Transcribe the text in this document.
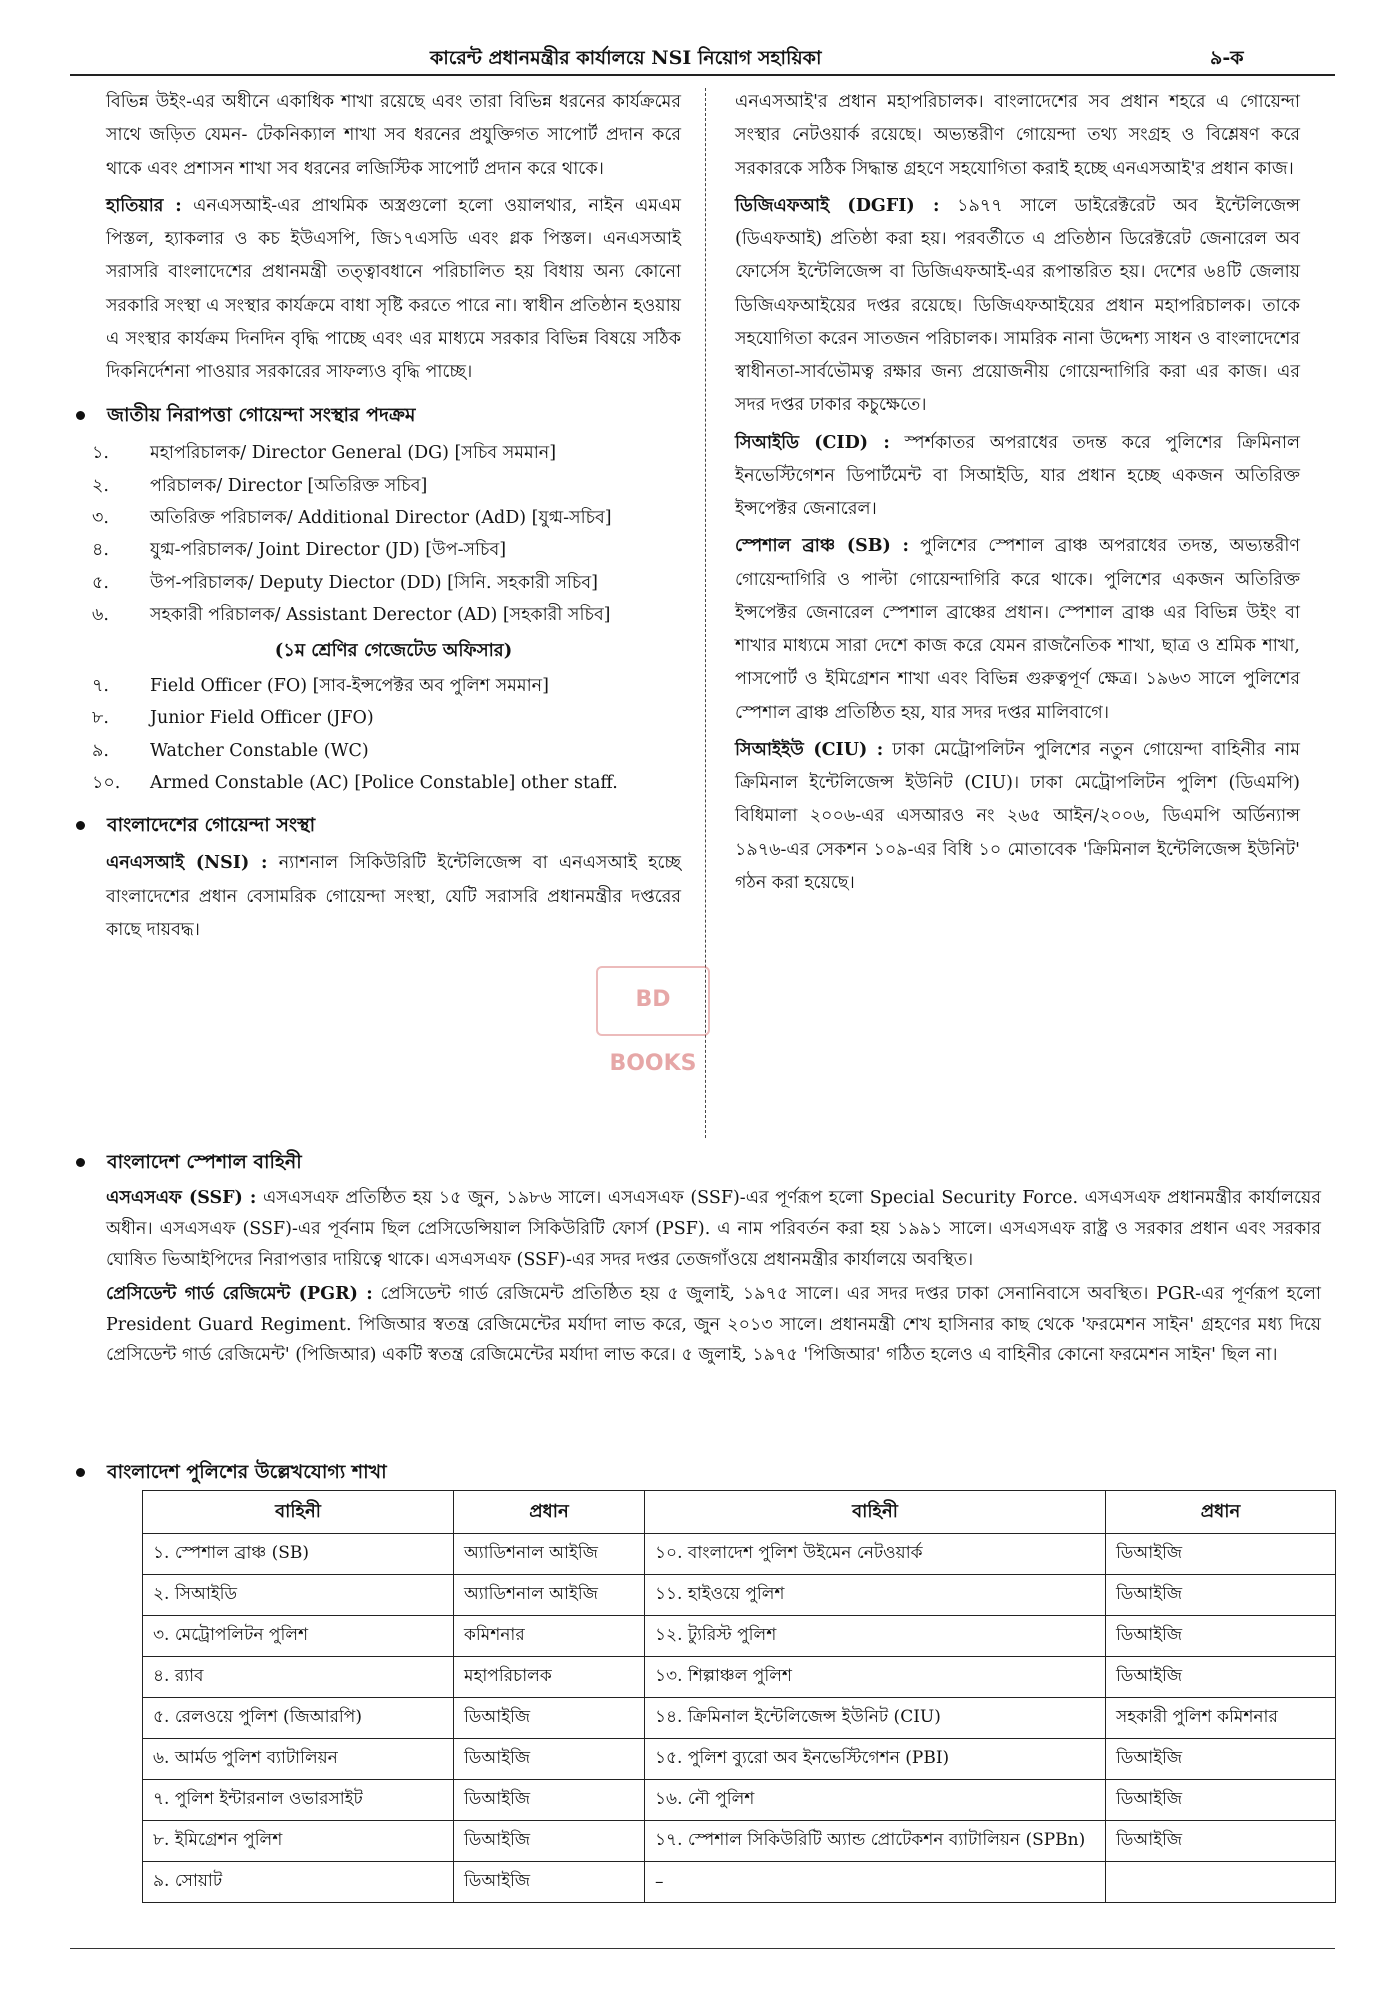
কারেন্ট প্রধানমন্ত্রীর কার্যালয়ে NSI নিয়োগ সহায়িকা	৯-ক

বিভিন্ন উইং-এর অধীনে একাধিক শাখা রয়েছে এবং তারা বিভিন্ন ধরনের কার্যক্রমের সাথে জড়িত যেমন- টেকনিক্যাল শাখা সব ধরনের প্রযুক্তিগত সাপোর্ট প্রদান করে থাকে এবং প্রশাসন শাখা সব ধরনের লজিস্টিক সাপোর্ট প্রদান করে থাকে।

হাতিয়ার : এনএসআই-এর প্রাথমিক অস্ত্রগুলো হলো ওয়ালথার, নাইন এমএম পিস্তল, হ্যাকলার ও কচ ইউএসপি, জি১৭এসডি এবং গ্লক পিস্তল। এনএসআই সরাসরি বাংলাদেশের প্রধানমন্ত্রী তত্ত্বাবধানে পরিচালিত হয় বিধায় অন্য কোনো সরকারি সংস্থা এ সংস্থার কার্যক্রমে বাধা সৃষ্টি করতে পারে না। স্বাধীন প্রতিষ্ঠান হওয়ায় এ সংস্থার কার্যক্রম দিনদিন বৃদ্ধি পাচ্ছে এবং এর মাধ্যমে সরকার বিভিন্ন বিষয়ে সঠিক দিকনির্দেশনা পাওয়ার সরকারের সাফল্যও বৃদ্ধি পাচ্ছে।

জাতীয় নিরাপত্তা গোয়েন্দা সংস্থার পদক্রম
১.	মহাপরিচালক/ Director General (DG) [সচিব সমমান]
২.	পরিচালক/ Director [অতিরিক্ত সচিব]
৩.	অতিরিক্ত পরিচালক/ Additional Director (AdD) [যুগ্ম-সচিব]
৪.	যুগ্ম-পরিচালক/ Joint Director (JD) [উপ-সচিব]
৫.	উপ-পরিচালক/ Deputy Diector (DD) [সিনি. সহকারী সচিব]
৬.	সহকারী পরিচালক/ Assistant Derector (AD) [সহকারী সচিব]
(১ম শ্রেণির গেজেটেড অফিসার)
৭.	Field Officer (FO) [সাব-ইন্সপেক্টর অব পুলিশ সমমান]
৮.	Junior Field Officer (JFO)
৯.	Watcher Constable (WC)
১০.	Armed Constable (AC) [Police Constable] other staff.
বাংলাদেশের গোয়েন্দা সংস্থা

এনএসআই (NSI) : ন্যাশনাল সিকিউরিটি ইন্টেলিজেন্স বা এনএসআই হচ্ছে বাংলাদেশের প্রধান বেসামরিক গোয়েন্দা সংস্থা, যেটি সরাসরি প্রধানমন্ত্রীর দপ্তরের কাছে দায়বদ্ধ।

এনএসআই'র প্রধান মহাপরিচালক। বাংলাদেশের সব প্রধান শহরে এ গোয়েন্দা সংস্থার নেটওয়ার্ক রয়েছে। অভ্যন্তরীণ গোয়েন্দা তথ্য সংগ্রহ ও বিশ্লেষণ করে সরকারকে সঠিক সিদ্ধান্ত গ্রহণে সহযোগিতা করাই হচ্ছে এনএসআই'র প্রধান কাজ।

ডিজিএফআই (DGFI) : ১৯৭৭ সালে ডাইরেক্টরেট অব ইন্টেলিজেন্স (ডিএফআই) প্রতিষ্ঠা করা হয়। পরবর্তীতে এ প্রতিষ্ঠান ডিরেক্টরেট জেনারেল অব ফোর্সেস ইন্টেলিজেন্স বা ডিজিএফআই-এর রূপান্তরিত হয়। দেশের ৬৪টি জেলায় ডিজিএফআইয়ের দপ্তর রয়েছে। ডিজিএফআইয়ের প্রধান মহাপরিচালক। তাকে সহযোগিতা করেন সাতজন পরিচালক। সামরিক নানা উদ্দেশ্য সাধন ও বাংলাদেশের স্বাধীনতা-সার্বভৌমত্ব রক্ষার জন্য প্রয়োজনীয় গোয়েন্দাগিরি করা এর কাজ। এর সদর দপ্তর ঢাকার কচুক্ষেতে।

সিআইডি (CID) : স্পর্শকাতর অপরাধের তদন্ত করে পুলিশের ক্রিমিনাল ইনভেস্টিগেশন ডিপার্টমেন্ট বা সিআইডি, যার প্রধান হচ্ছে একজন অতিরিক্ত ইন্সপেক্টর জেনারেল।

স্পেশাল ব্রাঞ্চ (SB) : পুলিশের স্পেশাল ব্রাঞ্চ অপরাধের তদন্ত, অভ্যন্তরীণ গোয়েন্দাগিরি ও পাল্টা গোয়েন্দাগিরি করে থাকে। পুলিশের একজন অতিরিক্ত ইন্সপেক্টর জেনারেল স্পেশাল ব্রাঞ্চের প্রধান। স্পেশাল ব্রাঞ্চ এর বিভিন্ন উইং বা শাখার মাধ্যমে সারা দেশে কাজ করে যেমন রাজনৈতিক শাখা, ছাত্র ও শ্রমিক শাখা, পাসপোর্ট ও ইমিগ্রেশন শাখা এবং বিভিন্ন গুরুত্বপূর্ণ ক্ষেত্র। ১৯৬৩ সালে পুলিশের স্পেশাল ব্রাঞ্চ প্রতিষ্ঠিত হয়, যার সদর দপ্তর মালিবাগে।

সিআইইউ (CIU) : ঢাকা মেট্রোপলিটন পুলিশের নতুন গোয়েন্দা বাহিনীর নাম ক্রিমিনাল ইন্টেলিজেন্স ইউনিট (CIU)। ঢাকা মেট্রোপলিটন পুলিশ (ডিএমপি) বিধিমালা ২০০৬-এর এসআরও নং ২৬৫ আইন/২০০৬, ডিএমপি অর্ডিন্যান্স ১৯৭৬-এর সেকশন ১০৯-এর বিধি ১০ মোতাবেক 'ক্রিমিনাল ইন্টেলিজেন্স ইউনিট' গঠন করা হয়েছে।

BD BOOKS
বাংলাদেশ স্পেশাল বাহিনী

এসএসএফ (SSF) : এসএসএফ প্রতিষ্ঠিত হয় ১৫ জুন, ১৯৮৬ সালে। এসএসএফ (SSF)-এর পূর্ণরূপ হলো Special Security Force. এসএসএফ প্রধানমন্ত্রীর কার্যালয়ের অধীন। এসএসএফ (SSF)-এর পূর্বনাম ছিল প্রেসিডেন্সিয়াল সিকিউরিটি ফোর্স (PSF). এ নাম পরিবর্তন করা হয় ১৯৯১ সালে। এসএসএফ রাষ্ট্র ও সরকার প্রধান এবং সরকার ঘোষিত ভিআইপিদের নিরাপত্তার দায়িত্বে থাকে। এসএসএফ (SSF)-এর সদর দপ্তর তেজগাঁওয়ে প্রধানমন্ত্রীর কার্যালয়ে অবস্থিত।

প্রেসিডেন্ট গার্ড রেজিমেন্ট (PGR) : প্রেসিডেন্ট গার্ড রেজিমেন্ট প্রতিষ্ঠিত হয় ৫ জুলাই, ১৯৭৫ সালে। এর সদর দপ্তর ঢাকা সেনানিবাসে অবস্থিত। PGR-এর পূর্ণরূপ হলো President Guard Regiment. পিজিআর স্বতন্ত্র রেজিমেন্টের মর্যাদা লাভ করে, জুন ২০১৩ সালে। প্রধানমন্ত্রী শেখ হাসিনার কাছ থেকে 'ফরমেশন সাইন' গ্রহণের মধ্য দিয়ে প্রেসিডেন্ট গার্ড রেজিমেন্ট' (পিজিআর) একটি স্বতন্ত্র রেজিমেন্টের মর্যাদা লাভ করে। ৫ জুলাই, ১৯৭৫ 'পিজিআর' গঠিত হলেও এ বাহিনীর কোনো ফরমেশন সাইন' ছিল না।

বাংলাদেশ পুলিশের উল্লেখযোগ্য শাখা
বাহিনী	প্রধান	বাহিনী	প্রধান
১. স্পেশাল ব্রাঞ্চ (SB)	অ্যাডিশনাল আইজি	১০. বাংলাদেশ পুলিশ উইমেন নেটওয়ার্ক	ডিআইজি
২. সিআইডি	অ্যাডিশনাল আইজি	১১. হাইওয়ে পুলিশ	ডিআইজি
৩. মেট্রোপলিটন পুলিশ	কমিশনার	১২. ট্যুরিস্ট পুলিশ	ডিআইজি
৪. র‍্যাব	মহাপরিচালক	১৩. শিল্পাঞ্চল পুলিশ	ডিআইজি
৫. রেলওয়ে পুলিশ (জিআরপি)	ডিআইজি	১৪. ক্রিমিনাল ইন্টেলিজেন্স ইউনিট (CIU)	সহকারী পুলিশ কমিশনার
৬. আর্মড পুলিশ ব্যাটালিয়ন	ডিআইজি	১৫. পুলিশ ব্যুরো অব ইনভেস্টিগেশন (PBI)	ডিআইজি
৭. পুলিশ ইন্টারনাল ওভারসাইট	ডিআইজি	১৬. নৌ পুলিশ	ডিআইজি
৮. ইমিগ্রেশন পুলিশ	ডিআইজি	১৭. স্পেশাল সিকিউরিটি অ্যান্ড প্রোটেকশন ব্যাটালিয়ন (SPBn)	ডিআইজি
৯. সোয়াট	ডিআইজি	–	
